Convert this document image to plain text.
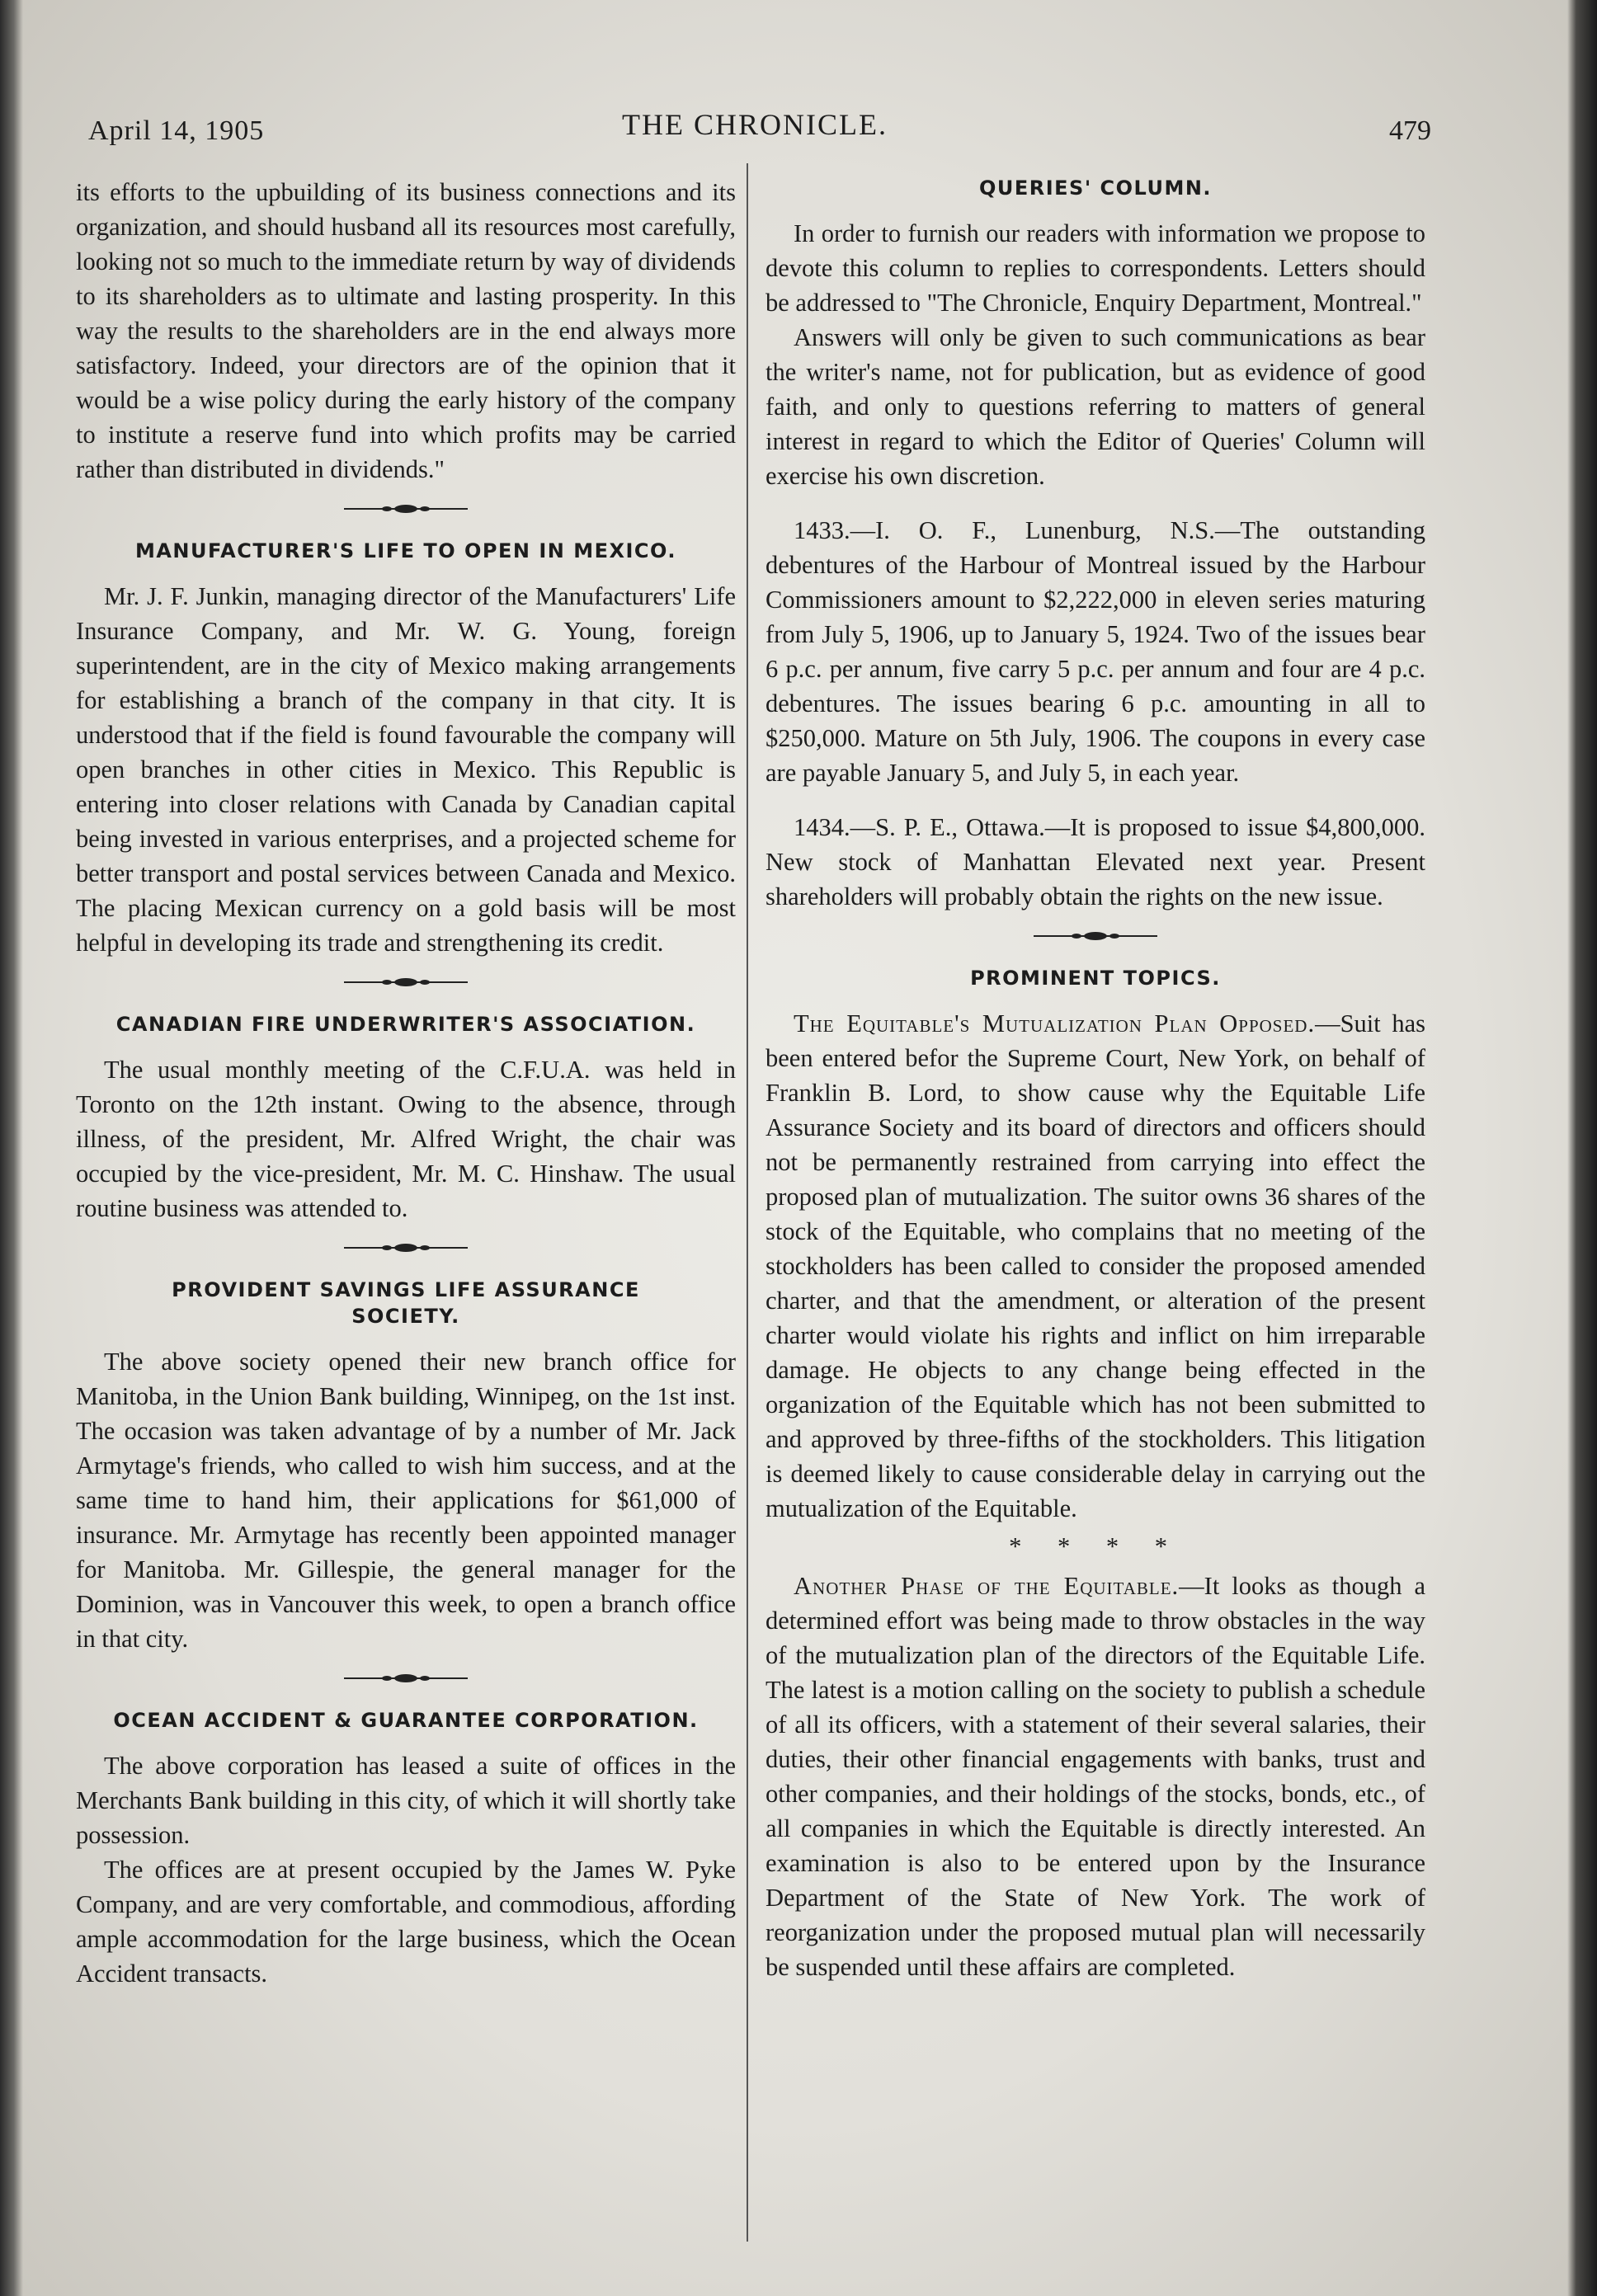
April 14, 1905	THE CHRONICLE.	479

its efforts to the upbuilding of its business connections and its organization, and should husband all its resources most carefully, looking not so much to the immediate return by way of dividends to its shareholders as to ultimate and lasting prosperity. In this way the results to the shareholders are in the end always more satisfactory. Indeed, your directors are of the opinion that it would be a wise policy during the early history of the company to institute a reserve fund into which profits may be carried rather than distributed in dividends."

MANUFACTURER'S LIFE TO OPEN IN MEXICO.

Mr. J. F. Junkin, managing director of the Manufacturers' Life Insurance Company, and Mr. W. G. Young, foreign superintendent, are in the city of Mexico making arrangements for establishing a branch of the company in that city. It is understood that if the field is found favourable the company will open branches in other cities in Mexico. This Republic is entering into closer relations with Canada by Canadian capital being invested in various enterprises, and a projected scheme for better transport and postal services between Canada and Mexico. The placing Mexican currency on a gold basis will be most helpful in developing its trade and strengthening its credit.

CANADIAN FIRE UNDERWRITER'S ASSOCIATION.

The usual monthly meeting of the C.F.U.A. was held in Toronto on the 12th instant. Owing to the absence, through illness, of the president, Mr. Alfred Wright, the chair was occupied by the vice-president, Mr. M. C. Hinshaw. The usual routine business was attended to.

PROVIDENT SAVINGS LIFE ASSURANCE
SOCIETY.

The above society opened their new branch office for Manitoba, in the Union Bank building, Winnipeg, on the 1st inst. The occasion was taken advantage of by a number of Mr. Jack Armytage's friends, who called to wish him success, and at the same time to hand him, their applications for $61,000 of insurance. Mr. Armytage has recently been appointed manager for Manitoba. Mr. Gillespie, the general manager for the Dominion, was in Vancouver this week, to open a branch office in that city.

OCEAN ACCIDENT & GUARANTEE CORPORATION.

The above corporation has leased a suite of offices in the Merchants Bank building in this city, of which it will shortly take possession.

The offices are at present occupied by the James W. Pyke Company, and are very comfortable, and commodious, affording ample accommodation for the large business, which the Ocean Accident transacts.

QUERIES' COLUMN.

In order to furnish our readers with information we propose to devote this column to replies to correspondents. Letters should be addressed to "The Chronicle, Enquiry Department, Montreal."

Answers will only be given to such communications as bear the writer's name, not for publication, but as evidence of good faith, and only to questions referring to matters of general interest in regard to which the Editor of Queries' Column will exercise his own discretion.

1433.—I. O. F., Lunenburg, N.S.—The outstanding debentures of the Harbour of Montreal issued by the Harbour Commissioners amount to $2,222,000 in eleven series maturing from July 5, 1906, up to January 5, 1924. Two of the issues bear 6 p.c. per annum, five carry 5 p.c. per annum and four are 4 p.c. debentures. The issues bearing 6 p.c. amounting in all to $250,000. Mature on 5th July, 1906. The coupons in every case are payable January 5, and July 5, in each year.

1434.—S. P. E., Ottawa.—It is proposed to issue $4,800,000. New stock of Manhattan Elevated next year. Present shareholders will probably obtain the rights on the new issue.

PROMINENT TOPICS.

The Equitable's Mutualization Plan Opposed.—Suit has been entered befor the Supreme Court, New York, on behalf of Franklin B. Lord, to show cause why the Equitable Life Assurance Society and its board of directors and officers should not be permanently restrained from carrying into effect the proposed plan of mutualization. The suitor owns 36 shares of the stock of the Equitable, who complains that no meeting of the stockholders has been called to consider the proposed amended charter, and that the amendment, or alteration of the present charter would violate his rights and inflict on him irreparable damage. He objects to any change being effected in the organization of the Equitable which has not been submitted to and approved by three-fifths of the stockholders. This litigation is deemed likely to cause considerable delay in carrying out the mutualization of the Equitable.

* * * *

Another Phase of the Equitable.—It looks as though a determined effort was being made to throw obstacles in the way of the mutualization plan of the directors of the Equitable Life. The latest is a motion calling on the society to publish a schedule of all its officers, with a statement of their several salaries, their duties, their other financial engagements with banks, trust and other companies, and their holdings of the stocks, bonds, etc., of all companies in which the Equitable is directly interested. An examination is also to be entered upon by the Insurance Department of the State of New York. The work of reorganization under the proposed mutual plan will necessarily be suspended until these affairs are completed.
